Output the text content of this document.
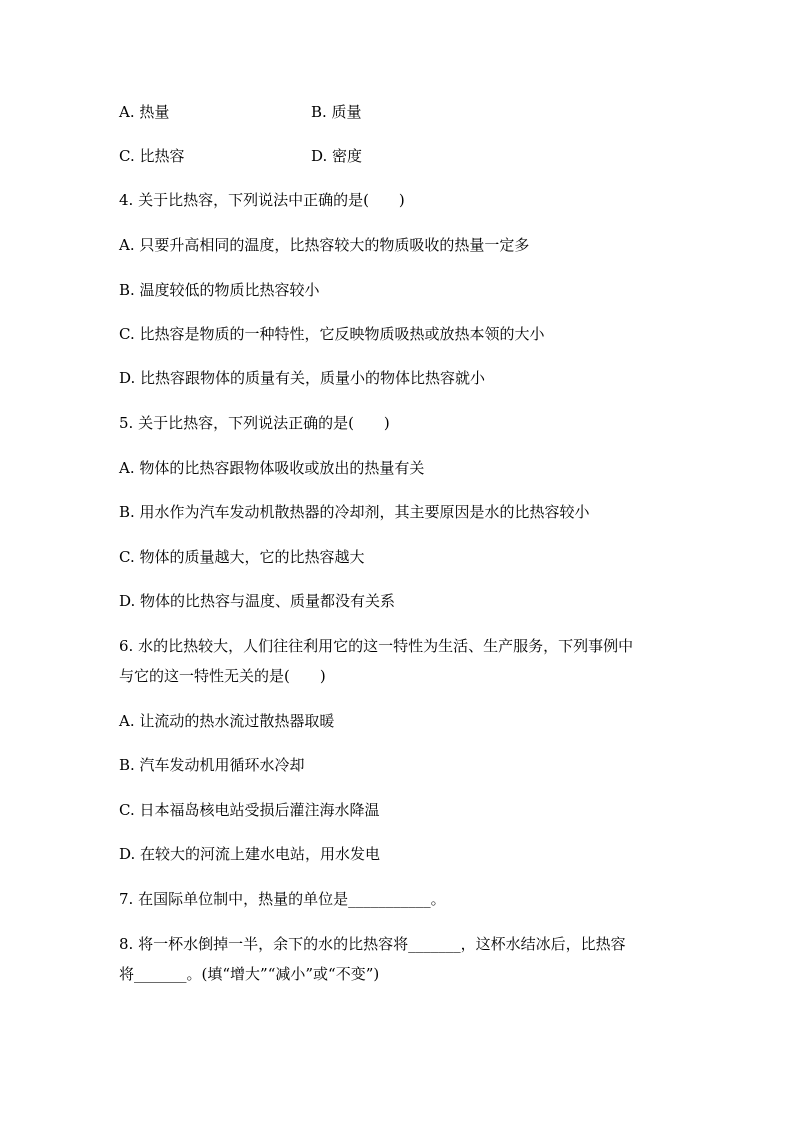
A. 热量	B. 质量
C. 比热容	D. 密度
4. 关于比热容，下列说法中正确的是(　　)
A. 只要升高相同的温度，比热容较大的物质吸收的热量一定多
B. 温度较低的物质比热容较小
C. 比热容是物质的一种特性，它反映物质吸热或放热本领的大小
D. 比热容跟物体的质量有关，质量小的物体比热容就小
5. 关于比热容，下列说法正确的是(　　)
A. 物体的比热容跟物体吸收或放出的热量有关
B. 用水作为汽车发动机散热器的冷却剂，其主要原因是水的比热容较小
C. 物体的质量越大，它的比热容越大
D. 物体的比热容与温度、质量都没有关系
6. 水的比热较大，人们往往利用它的这一特性为生活、生产服务，下列事例中
与它的这一特性无关的是(　　)
A. 让流动的热水流过散热器取暖
B. 汽车发动机用循环水冷却
C. 日本福岛核电站受损后灌注海水降温
D. 在较大的河流上建水电站，用水发电
7. 在国际单位制中，热量的单位是___________。
8. 将一杯水倒掉一半，余下的水的比热容将_______，这杯水结冰后，比热容
将_______。(填“增大”“减小”或“不变”)
